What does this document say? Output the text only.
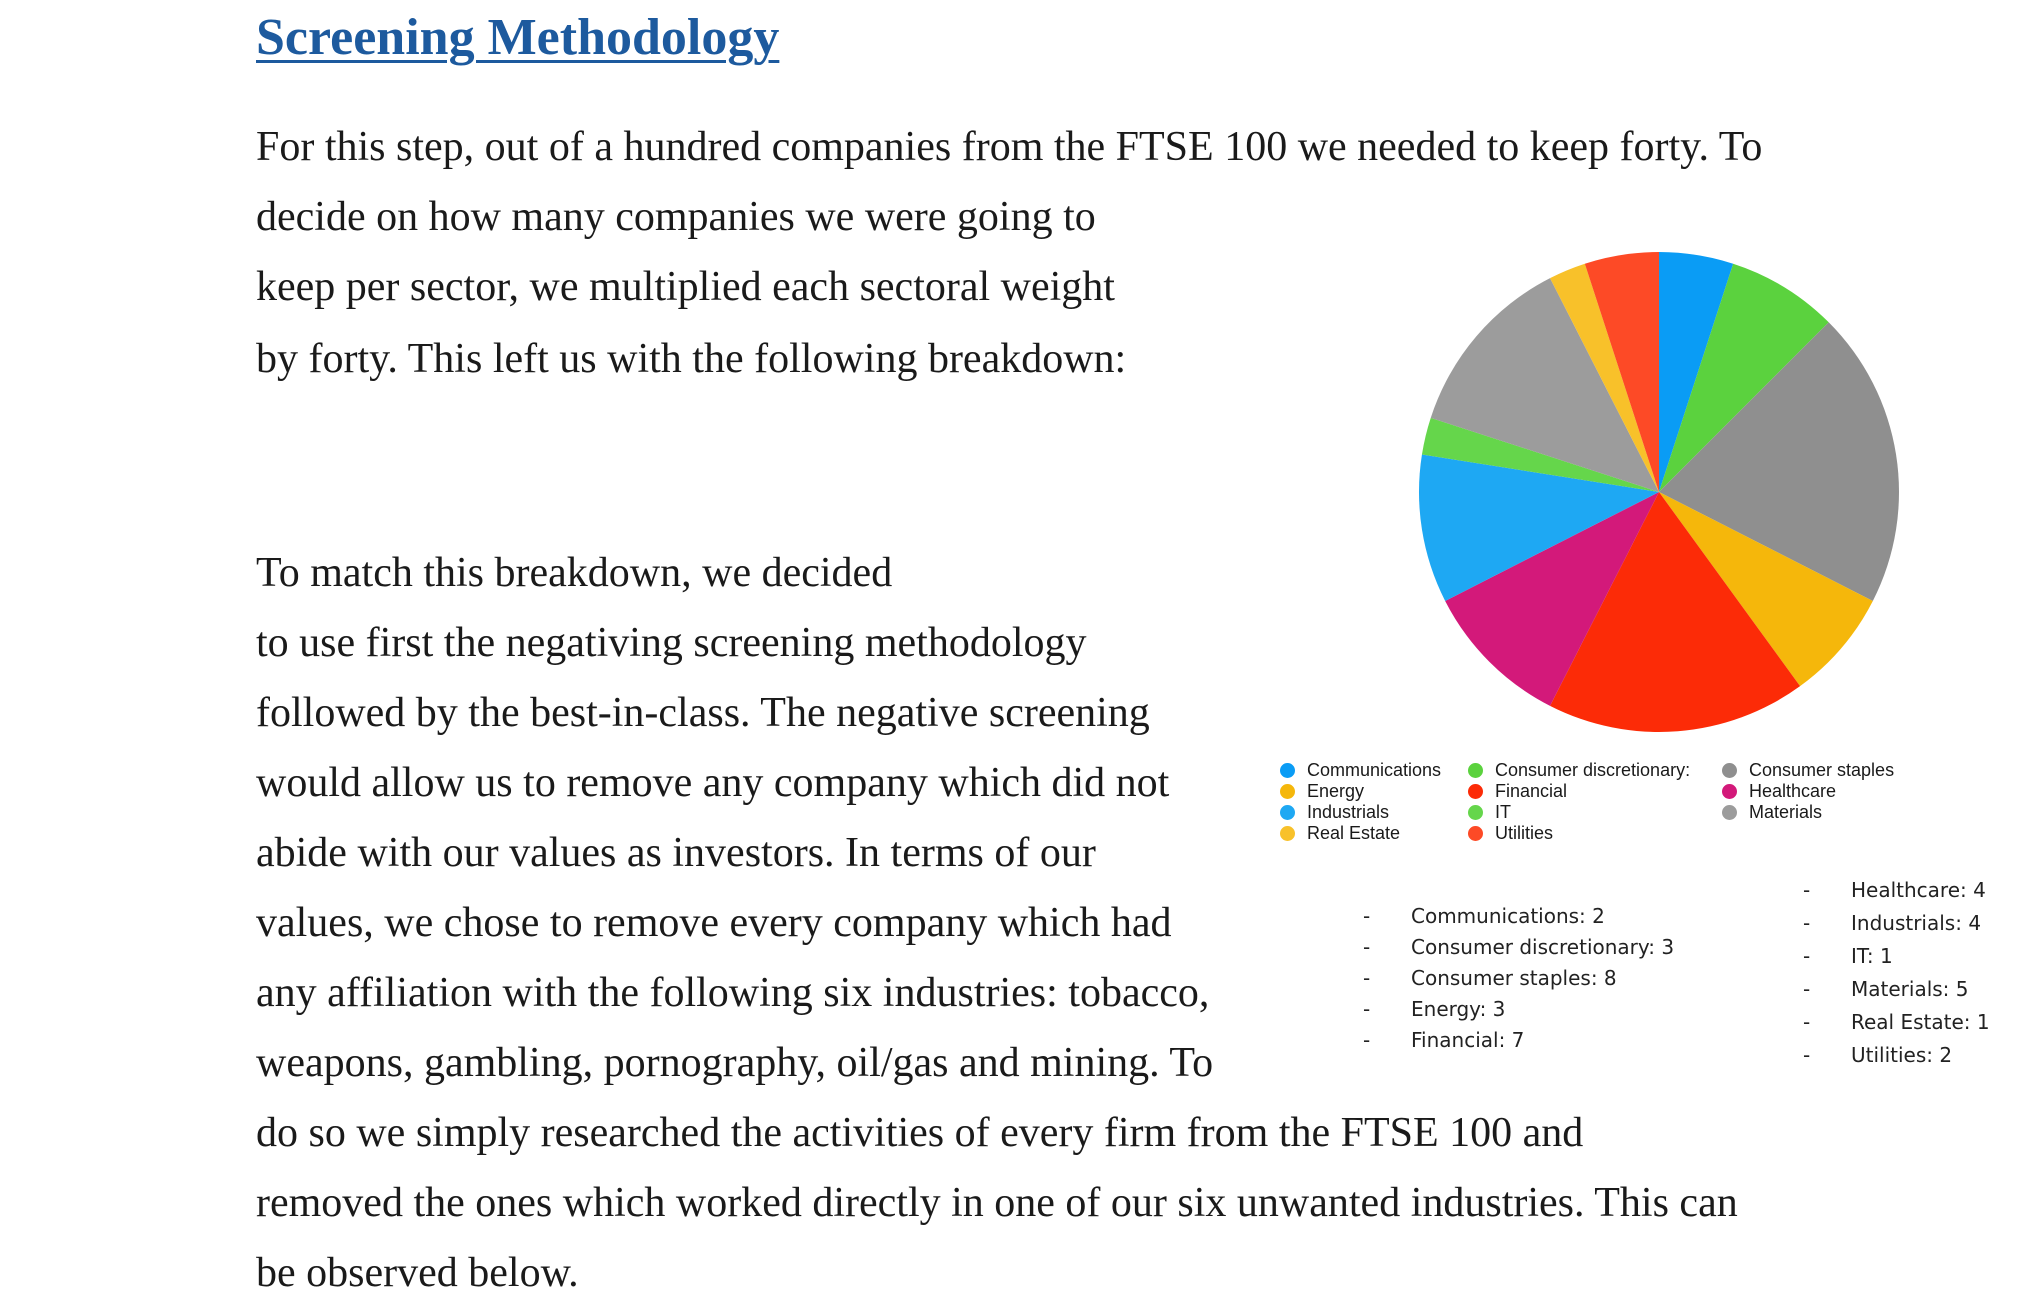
Screening Methodology
For this step, out of a hundred companies from the FTSE 100 we needed to keep forty. To
decide on how many companies we were going to
keep per sector, we multiplied each sectoral weight
by forty. This left us with the following breakdown:
To match this breakdown, we decided
to use first the negativing screening methodology
followed by the best-in-class. The negative screening
would allow us to remove any company which did not
abide with our values as investors. In terms of our
values, we chose to remove every company which had
any affiliation with the following six industries: tobacco,
weapons, gambling, pornography, oil/gas and mining. To
do so we simply researched the activities of every firm from the FTSE 100 and
removed the ones which worked directly in one of our six unwanted industries. This can
be observed below.
Communications
Energy
Industrials
Real Estate
Consumer discretionary:
Financial
IT
Utilities
Consumer staples
Healthcare
Materials
- Communications: 2
- Consumer discretionary: 3
- Consumer staples: 8
- Energy: 3
- Financial: 7
- Healthcare: 4
- Industrials: 4
- IT: 1
- Materials: 5
- Real Estate: 1
- Utilities: 2
